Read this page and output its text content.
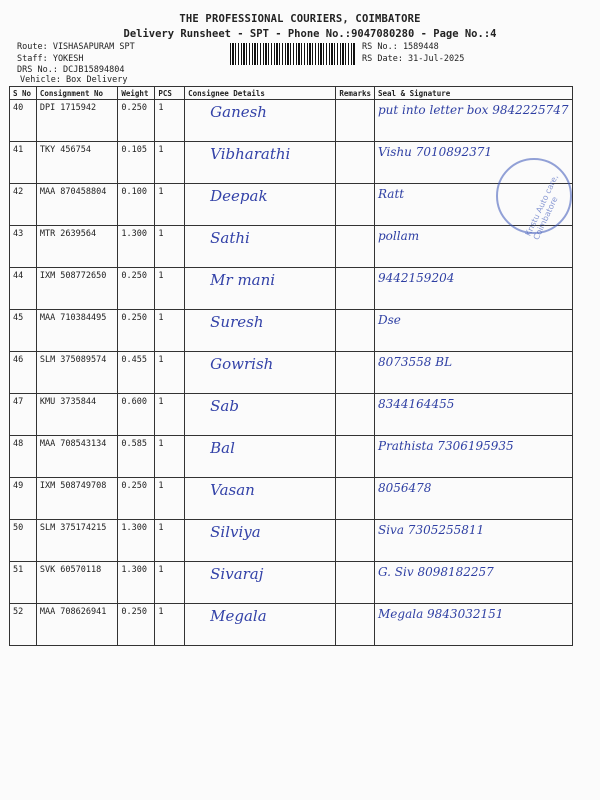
THE PROFESSIONAL COURIERS, COIMBATORE
Delivery Runsheet - SPT - Phone No.:9047080280 - Page No.:4
Route: VISHASAPURAM SPT
Staff: YOKESH
DRS No.: DCJB15894804
Vehicle: Box Delivery
RS No.: 1589448
RS Date: 31-Jul-2025
S No	Consignment No	Weight	PCS	Consignee Details	Remarks	Seal & Signature
40	DPI 1715942	0.250	1	Ganesh		put into letter box 9842225747
41	TKY 456754	0.105	1	Vibharathi		Vishu 7010892371
42	MAA 870458804	0.100	1	Deepak		Ratt
43	MTR 2639564	1.300	1	Sathi		pollam
44	IXM 508772650	0.250	1	Mr mani		9442159204
45	MAA 710384495	0.250	1	Suresh		Dse
46	SLM 375089574	0.455	1	Gowrish		8073558 BL
47	KMU 3735844	0.600	1	Sab		8344164455
48	MAA 708543134	0.585	1	Bal		Prathista 7306195935
49	IXM 508749708	0.250	1	Vasan		8056478
50	SLM 375174215	1.300	1	Silviya		Siva 7305255811
51	SVK 60570118	1.300	1	Sivaraj		G. Siv 8098182257
52	MAA 708626941	0.250	1	Megala		Megala 9843032151
Kristu Auto care, Coimbatore
